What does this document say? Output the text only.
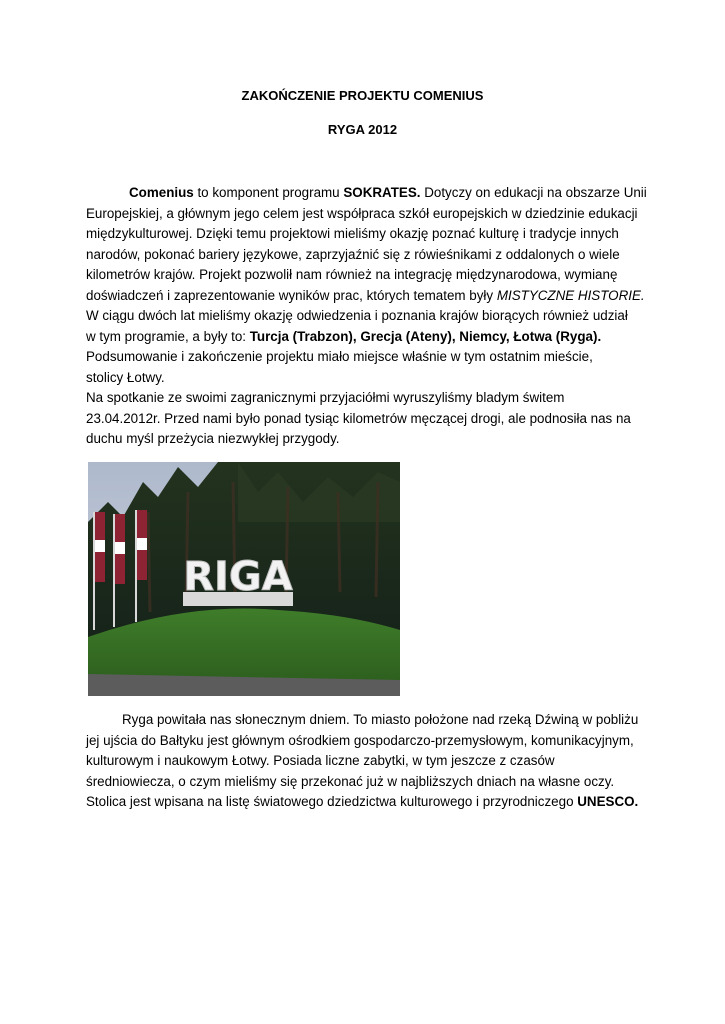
ZAKOŃCZENIE PROJEKTU COMENIUS
RYGA 2012
Comenius to komponent programu SOKRATES. Dotyczy on edukacji na obszarze Unii
Europejskiej, a głównym jego celem jest współpraca szkół europejskich w dziedzinie edukacji
międzykulturowej. Dzięki temu projektowi mieliśmy okazję poznać kulturę i tradycje innych
narodów, pokonać bariery językowe, zaprzyjaźnić się z rówieśnikami z oddalonych o wiele
kilometrów krajów. Projekt pozwolił nam również na integrację międzynarodowa, wymianę
doświadczeń i zaprezentowanie wyników prac, których tematem były MISTYCZNE HISTORIE.
W ciągu dwóch lat mieliśmy okazję odwiedzenia i poznania krajów biorących również udział
w tym programie, a były to: Turcja (Trabzon), Grecja (Ateny), Niemcy, Łotwa (Ryga).
Podsumowanie i zakończenie projektu miało miejsce właśnie w tym ostatnim mieście,
stolicy Łotwy.
Na spotkanie ze swoimi zagranicznymi przyjaciółmi wyruszyliśmy bladym świtem
23.04.2012r. Przed nami było ponad tysiąc kilometrów męczącej drogi, ale podnosiła nas na
duchu myśl przeżycia niezwykłej przygody.
RIGA
Ryga powitała nas słonecznym dniem. To miasto położone nad rzeką Dźwiną w pobliżu
jej ujścia do Bałtyku jest głównym ośrodkiem gospodarczo-przemysłowym, komunikacyjnym,
kulturowym i naukowym Łotwy. Posiada liczne zabytki, w tym jeszcze z czasów
średniowiecza, o czym mieliśmy się przekonać już w najbliższych dniach na własne oczy.
Stolica jest wpisana na listę światowego dziedzictwa kulturowego i przyrodniczego UNESCO.
